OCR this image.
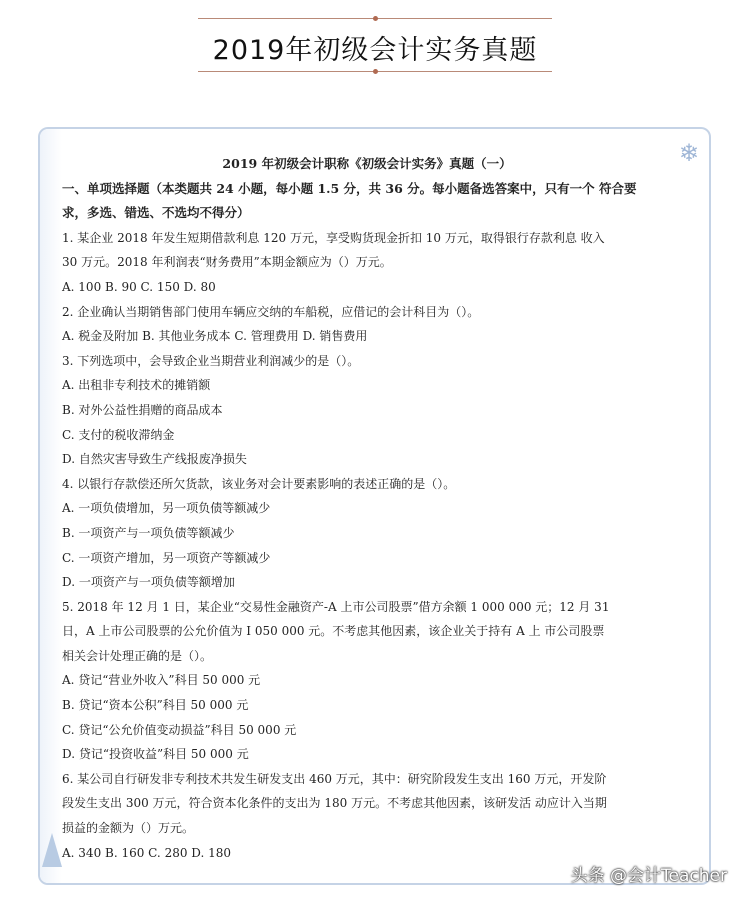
2019年初级会计实务真题
❄
2019 年初级会计职称《初级会计实务》真题（一）
一、单项选择题（本类题共 24 小题，每小题 1.5 分，共 36 分。每小题备选答案中，只有一个 符合要
求，多选、错选、不选均不得分）
1. 某企业 2018 年发生短期借款利息 120 万元，享受购货现金折扣 10 万元，取得银行存款利息 收入
30 万元。2018 年利润表“财务费用”本期金额应为（）万元。
A. 100 B. 90 C. 150 D. 80
2. 企业确认当期销售部门使用车辆应交纳的车船税，应借记的会计科目为（）。
A. 税金及附加 B. 其他业务成本 C. 管理费用 D. 销售费用
3. 下列选项中，会导致企业当期营业利润减少的是（）。
A. 出租非专利技术的摊销额
B. 对外公益性捐赠的商品成本
C. 支付的税收滞纳金
D. 自然灾害导致生产线报废净损失
4. 以银行存款偿还所欠货款，该业务对会计要素影响的表述正确的是（）。
A. 一项负债增加，另一项负债等额减少
B. 一项资产与一项负债等额减少
C. 一项资产增加，另一项资产等额减少
D. 一项资产与一项负债等额增加
5. 2018 年 12 月 1 日，某企业“交易性金融资产-A 上市公司股票”借方余额 1 000 000 元；12 月 31
日，A 上市公司股票的公允价值为 I 050 000 元。不考虑其他因素，该企业关于持有 A 上 市公司股票
相关会计处理正确的是（）。
A. 贷记“营业外收入”科目 50 000 元
B. 贷记“资本公积”科目 50 000 元
C. 贷记“公允价值变动损益”科目 50 000 元
D. 贷记“投资收益”科目 50 000 元
6. 某公司自行研发非专利技术共发生研发支出 460 万元，其中：研究阶段发生支出 160 万元，开发阶
段发生支出 300 万元，符合资本化条件的支出为 180 万元。不考虑其他因素，该研发活 动应计入当期
损益的金额为（）万元。
A. 340 B. 160 C. 280 D. 180
头条 @会计Teacher
